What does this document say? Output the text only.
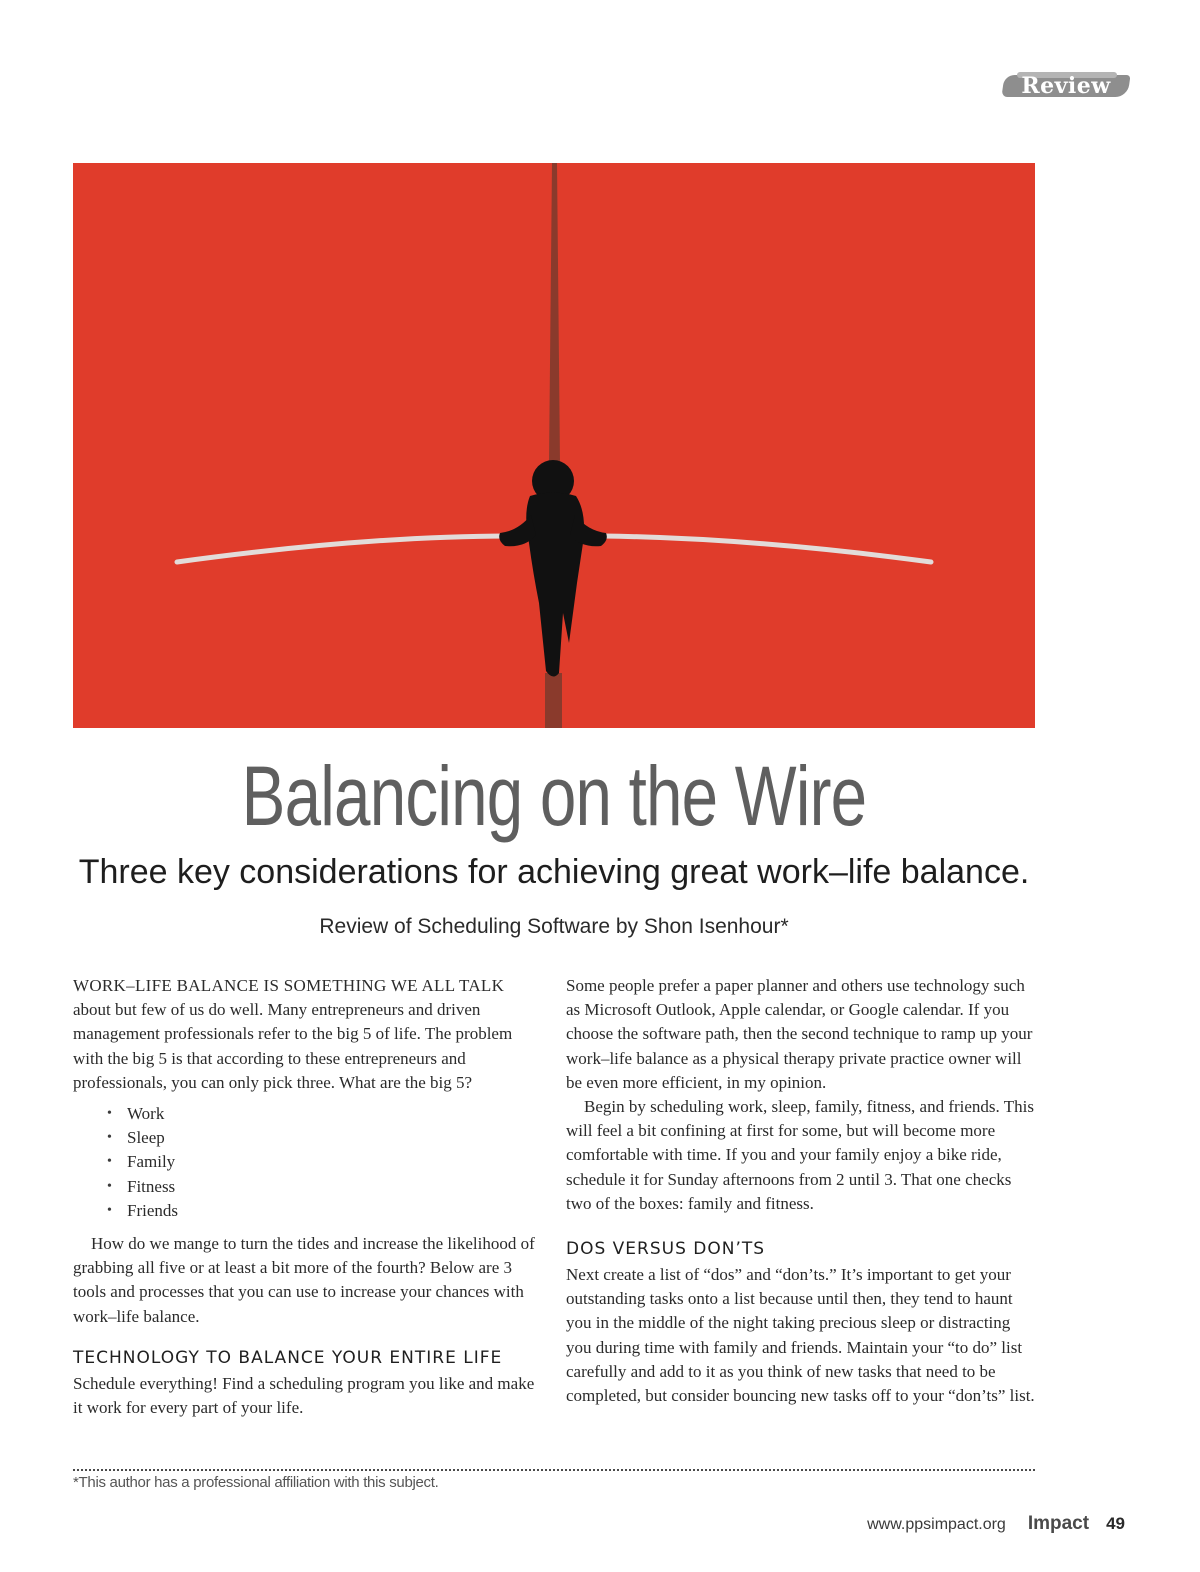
Review
Balancing on the Wire
Three key considerations for achieving great work–life balance.
Review of Scheduling Software by Shon Isenhour*

WORK–LIFE BALANCE IS SOMETHING WE ALL TALK about but few of us do well. Many entrepreneurs and driven management professionals refer to the big 5 of life. The problem with the big 5 is that according to these entrepreneurs and professionals, you can only pick three. What are the big 5?

• Work
• Sleep
• Family
• Fitness
• Friends

How do we mange to turn the tides and increase the likelihood of grabbing all five or at least a bit more of the fourth? Below are 3 tools and processes that you can use to increase your chances with work–life balance.

TECHNOLOGY TO BALANCE YOUR ENTIRE LIFE

Schedule everything! Find a scheduling program you like and make it work for every part of your life.

Some people prefer a paper planner and others use technology such as Microsoft Outlook, Apple calendar, or Google calendar. If you choose the software path, then the second technique to ramp up your work–life balance as a physical therapy private practice owner will be even more efficient, in my opinion.

Begin by scheduling work, sleep, family, fitness, and friends. This will feel a bit confining at first for some, but will become more comfortable with time. If you and your family enjoy a bike ride, schedule it for Sunday afternoons from 2 until 3. That one checks two of the boxes: family and fitness.

DOS VERSUS DON’TS

Next create a list of “dos” and “don’ts.” It’s important to get your outstanding tasks onto a list because until then, they tend to haunt you in the middle of the night taking precious sleep or distracting you during time with family and friends. Maintain your “to do” list carefully and add to it as you think of new tasks that need to be completed, but consider bouncing new tasks off to your “don’ts” list.

*This author has a professional affiliation with this subject.
www.ppsimpact.org Impact 49
